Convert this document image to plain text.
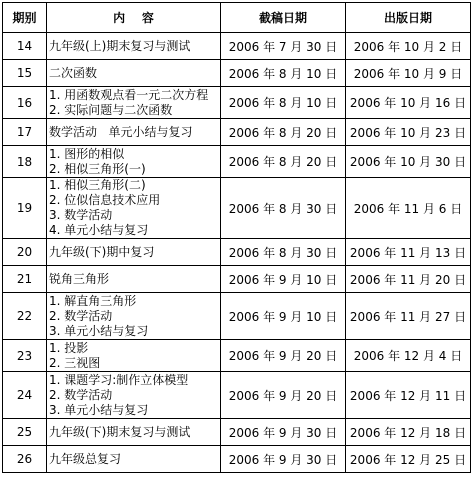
期别	内    容	截稿日期	出版日期
14	九年级(上)期末复习与测试	2006 年 7 月 30 日	2006 年 10 月 2 日
15	二次函数	2006 年 8 月 10 日	2006 年 10 月 9 日
16	1. 用函数观点看一元二次方程
2. 实际问题与二次函数	2006 年 8 月 10 日	2006 年 10 月 16 日
17	数学活动   单元小结与复习	2006 年 8 月 20 日	2006 年 10 月 23 日
18	1. 图形的相似
2. 相似三角形(一)	2006 年 8 月 20 日	2006 年 10 月 30 日
19	1. 相似三角形(二)
2. 位似信息技术应用
3. 数学活动
4. 单元小结与复习	2006 年 8 月 30 日	2006 年 11 月 6 日
20	九年级(下)期中复习	2006 年 8 月 30 日	2006 年 11 月 13 日
21	锐角三角形	2006 年 9 月 10 日	2006 年 11 月 20 日
22	1. 解直角三角形
2. 数学活动
3. 单元小结与复习	2006 年 9 月 10 日	2006 年 11 月 27 日
23	1. 投影
2. 三视图	2006 年 9 月 20 日	2006 年 12 月 4 日
24	1. 课题学习:制作立体模型
2. 数学活动
3. 单元小结与复习	2006 年 9 月 20 日	2006 年 12 月 11 日
25	九年级(下)期末复习与测试	2006 年 9 月 30 日	2006 年 12 月 18 日
26	九年级总复习	2006 年 9 月 30 日	2006 年 12 月 25 日
